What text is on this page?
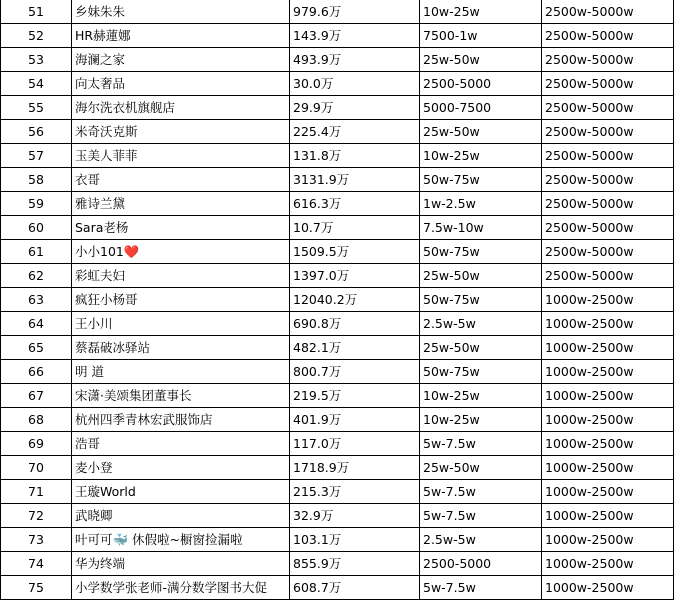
51	乡妹朱朱	979.6万	10w-25w	2500w-5000w
52	HR赫蓮娜	143.9万	7500-1w	2500w-5000w
53	海澜之家	493.9万	25w-50w	2500w-5000w
54	向太奢品	30.0万	2500-5000	2500w-5000w
55	海尔洗衣机旗舰店	29.9万	5000-7500	2500w-5000w
56	米奇沃克斯	225.4万	25w-50w	2500w-5000w
57	玉美人菲菲	131.8万	10w-25w	2500w-5000w
58	衣哥	3131.9万	50w-75w	2500w-5000w
59	雅诗兰黛	616.3万	1w-2.5w	2500w-5000w
60	Sara老杨	10.7万	7.5w-10w	2500w-5000w
61	小小101❤️	1509.5万	50w-75w	2500w-5000w
62	彩虹夫妇	1397.0万	25w-50w	2500w-5000w
63	疯狂小杨哥	12040.2万	50w-75w	1000w-2500w
64	王小川	690.8万	2.5w-5w	1000w-2500w
65	蔡磊破冰驿站	482.1万	25w-50w	1000w-2500w
66	明 道	800.7万	50w-75w	1000w-2500w
67	宋潇·美颂集团董事长	219.5万	10w-25w	1000w-2500w
68	杭州四季青林宏武服饰店	401.9万	10w-25w	1000w-2500w
69	浩哥	117.0万	5w-7.5w	1000w-2500w
70	麦小登	1718.9万	25w-50w	1000w-2500w
71	王璇World	215.3万	5w-7.5w	1000w-2500w
72	武晓卿	32.9万	5w-7.5w	1000w-2500w
73	叶可可🐳 休假啦~橱窗捡漏啦	103.1万	2.5w-5w	1000w-2500w
74	华为终端	855.9万	2500-5000	1000w-2500w
75	小学数学张老师-满分数学图书大促	608.7万	5w-7.5w	1000w-2500w
